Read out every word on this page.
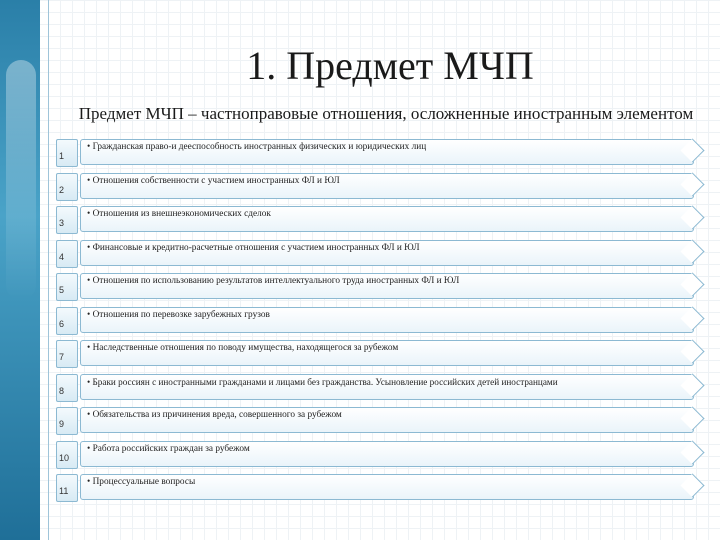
1. Предмет МЧП
Предмет МЧП – частноправовые отношения, осложненные иностранным элементом
1
• Гражданская право-и дееспособность иностранных физических и юридических лиц
2
• Отношения собственности с участием иностранных ФЛ и ЮЛ
3
• Отношения из внешнеэкономических сделок
4
• Финансовые и кредитно-расчетные отношения с участием иностранных ФЛ и ЮЛ
5
• Отношения по использованию результатов интеллектуального труда иностранных ФЛ и ЮЛ
6
• Отношения по перевозке зарубежных грузов
7
• Наследственные отношения по поводу имущества, находящегося за рубежом
8
• Браки россиян с иностранными гражданами и лицами без гражданства. Усыновление российских детей иностранцами
9
• Обязательства из причинения вреда, совершенного за рубежом
10
• Работа российских граждан за рубежом
11
• Процессуальные вопросы
